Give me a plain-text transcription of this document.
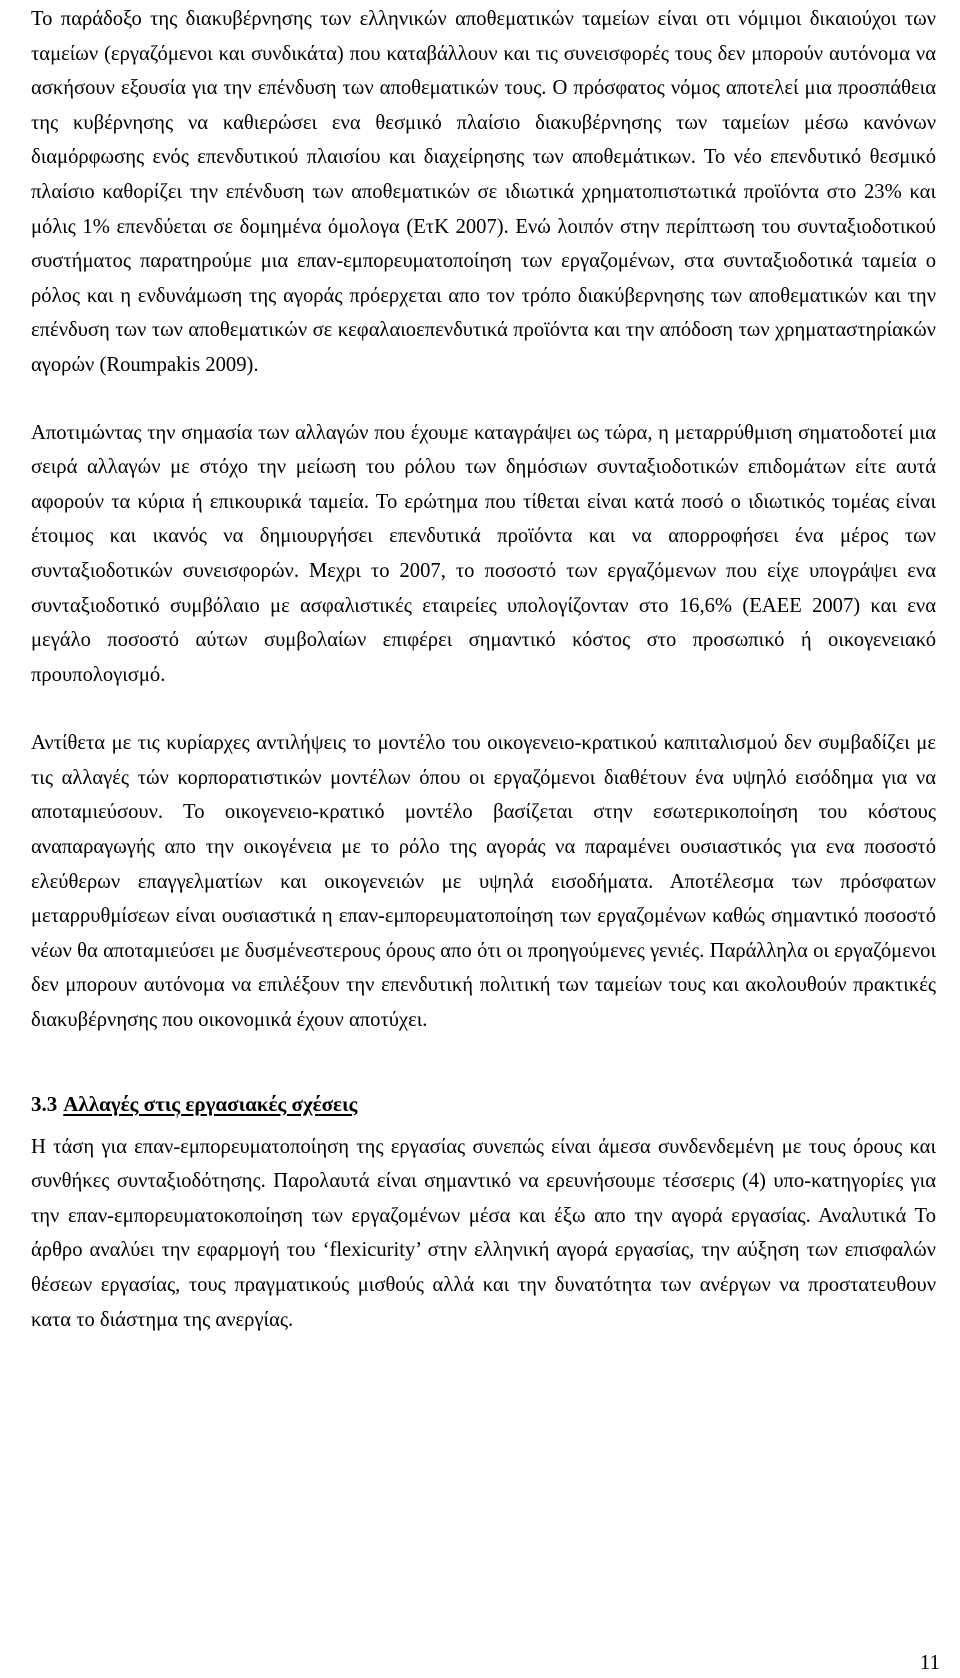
Το παράδοξο της διακυβέρνησης των ελληνικών αποθεματικών ταμείων είναι οτι νόμιμοι δικαιούχοι των ταμείων (εργαζόμενοι και συνδικάτα) που καταβάλλουν και τις συνεισφορές τους δεν μπορούν αυτόνομα να ασκήσουν εξουσία για την επένδυση των αποθεματικών τους. Ο πρόσφατος νόμος αποτελεί μια προσπάθεια της κυβέρνησης να καθιερώσει ενα θεσμικό πλαίσιο διακυβέρνησης των ταμείων μέσω κανόνων διαμόρφωσης ενός επενδυτικού πλαισίου και διαχείρησης των αποθεμάτικων. Το νέο επενδυτικό θεσμικό πλαίσιο καθορίζει την επένδυση των αποθεματικών σε ιδιωτικά χρηματοπιστωτικά προϊόντα στο 23% και μόλις 1% επενδύεται σε δομημένα όμολογα (ΕτΚ 2007). Ενώ λοιπόν στην περίπτωση του συνταξιοδοτικού συστήματος παρατηρούμε μια επαν-εμπορευματοποίηση των εργαζομένων, στα συνταξιοδοτικά ταμεία ο ρόλος και η ενδυνάμωση της αγοράς πρόερχεται απο τον τρόπο διακύβερνησης των αποθεματικών και την επένδυση των των αποθεματικών σε κεφαλαιοεπενδυτικά προϊόντα και την απόδοση των χρηματαστηρίακών αγορών (Roumpakis 2009).

Αποτιμώντας την σημασία των αλλαγών που έχουμε καταγράψει ως τώρα, η μεταρρύθμιση σηματοδοτεί μια σειρά αλλαγών με στόχο την μείωση του ρόλου των δημόσιων συνταξιοδοτικών επιδομάτων είτε αυτά αφορούν τα κύρια ή επικουρικά ταμεία. Το ερώτημα που τίθεται είναι κατά ποσό ο ιδιωτικός τομέας είναι έτοιμος και ικανός να δημιουργήσει επενδυτικά προϊόντα και να απορροφήσει ένα μέρος των συνταξιοδοτικών συνεισφορών. Μεχρι το 2007, το ποσοστό των εργαζόμενων που είχε υπογράψει ενα συνταξιοδοτικό συμβόλαιο με ασφαλιστικές εταιρείες υπολογίζονταν στο 16,6% (ΕΑΕΕ 2007) και ενα μεγάλο ποσοστό αύτων συμβολαίων επιφέρει σημαντικό κόστος στο προσωπικό ή οικογενειακό προυπολογισμό.

Αντίθετα με τις κυρίαρχες αντιλήψεις το μοντέλο του οικογενειο-κρατικού καπιταλισμού δεν συμβαδίζει με τις αλλαγές τών κορπορατιστικών μοντέλων όπου οι εργαζόμενοι διαθέτουν ένα υψηλό εισόδημα για να αποταμιεύσουν. Το οικογενειο-κρατικό μοντέλο βασίζεται στην εσωτερικοποίηση του κόστους αναπαραγωγής απο την οικογένεια με το ρόλο της αγοράς να παραμένει ουσιαστικός για ενα ποσοστό ελεύθερων επαγγελματίων και οικογενειών με υψηλά εισοδήματα. Αποτέλεσμα των πρόσφατων μεταρρυθμίσεων είναι ουσιαστικά η επαν-εμπορευματοποίηση των εργαζομένων καθώς σημαντικό ποσοστό νέων θα αποταμιεύσει με δυσμένεστερους όρους απο ότι οι προηγούμενες γενιές. Παράλληλα οι εργαζόμενοι δεν μπορουν αυτόνομα να επιλέξουν την επενδυτική πολιτική των ταμείων τους και ακολουθούν πρακτικές διακυβέρνησης που οικονομικά έχουν αποτύχει.

3.3 Αλλαγές στις εργασιακές σχέσεις
′

Η τάση για επαν-εμπορευματοποίηση της εργασίας συνεπώς είναι άμεσα συνδενδεμένη με τους όρους και συνθήκες συνταξιοδότησης. Παρολαυτά είναι σημαντικό να ερευνήσουμε τέσσερις (4) υπο-κατηγορίες για την επαν-εμπορευματοκοποίηση των εργαζομένων μέσα και έξω απο την αγορά εργασίας. Αναλυτικά Το άρθρο αναλύει την εφαρμογή του ‘flexicurity’ στην ελληνική αγορά εργασίας, την αύξηση των επισφαλών θέσεων εργασίας, τους πραγματικούς μισθούς αλλά και την δυνατότητα των ανέργων να προστατευθουν κατα το διάστημα της ανεργίας.

11
